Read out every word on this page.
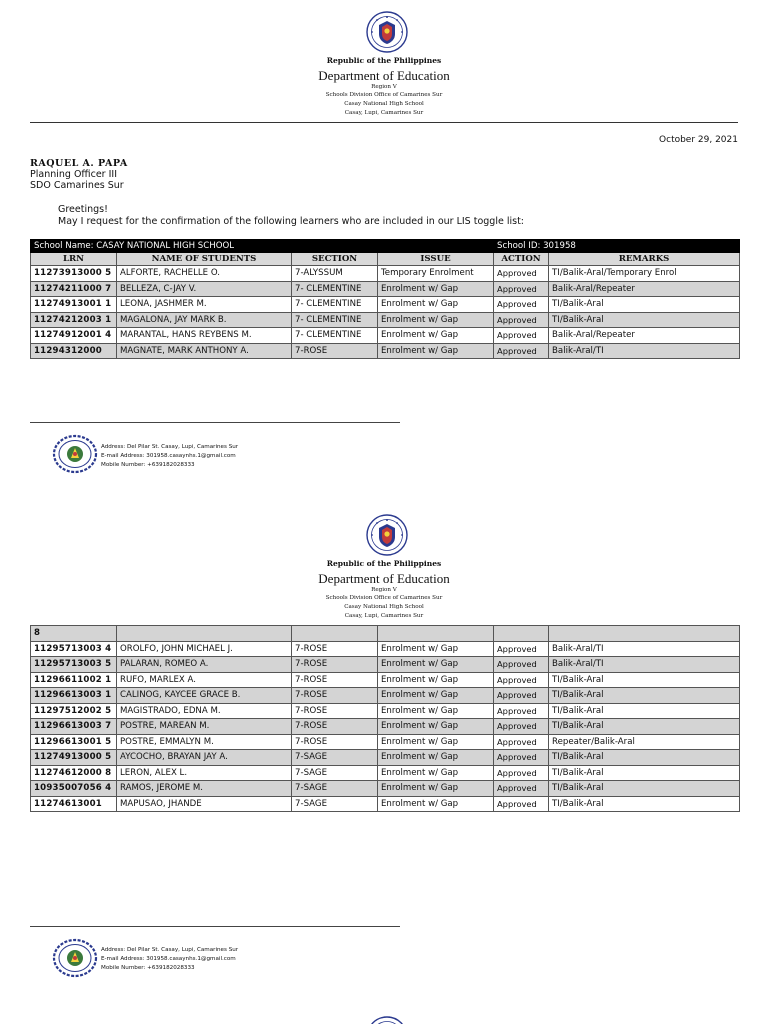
Republic of the Philippines
Department of Education
Region V
Schools Division Office of Camarines Sur
Casay National High School
Casay, Lupi, Camarines Sur
October 29, 2021
RAQUEL A. PAPA
Planning Officer III
SDO Camarines Sur
Greetings!
May I request for the confirmation of the following learners who are included in our LIS toggle list:
School Name: CASAY NATIONAL HIGH SCHOOL				School ID: 301958	
LRN	NAME OF STUDENTS	SECTION	ISSUE	ACTION	REMARKS
11273913000 5	ALFORTE, RACHELLE O.	7-ALYSSUM	Temporary Enrolment	Approved	TI/Balik-Aral/Temporary Enrol
11274211000 7	BELLEZA, C-JAY V.	7- CLEMENTINE	Enrolment w/ Gap	Approved	Balik-Aral/Repeater
11274913001 1	LEONA, JASHMER M.	7- CLEMENTINE	Enrolment w/ Gap	Approved	TI/Balik-Aral
11274212003 1	MAGALONA, JAY MARK B.	7- CLEMENTINE	Enrolment w/ Gap	Approved	TI/Balik-Aral
11274912001 4	MARANTAL, HANS REYBENS M.	7- CLEMENTINE	Enrolment w/ Gap	Approved	Balik-Aral/Repeater
11294312000	MAGNATE, MARK ANTHONY A.	7-ROSE	Enrolment w/ Gap	Approved	Balik-Aral/TI
Address: Del Pilar St. Casay, Lupi, Camarines Sur
E-mail Address: 301958.casaynhs.1@gmail.com
Mobile Number: +639182028333
Republic of the Philippines
Department of Education
Region V
Schools Division Office of Camarines Sur
Casay National High School
Casay, Lupi, Camarines Sur
8					
11295713003 4	OROLFO, JOHN MICHAEL J.	7-ROSE	Enrolment w/ Gap	Approved	Balik-Aral/TI
11295713003 5	PALARAN, ROMEO A.	7-ROSE	Enrolment w/ Gap	Approved	Balik-Aral/TI
11296611002 1	RUFO, MARLEX A.	7-ROSE	Enrolment w/ Gap	Approved	TI/Balik-Aral
11296613003 1	CALINOG, KAYCEE GRACE B.	7-ROSE	Enrolment w/ Gap	Approved	TI/Balik-Aral
11297512002 5	MAGISTRADO, EDNA M.	7-ROSE	Enrolment w/ Gap	Approved	TI/Balik-Aral
11296613003 7	POSTRE, MAREAN M.	7-ROSE	Enrolment w/ Gap	Approved	TI/Balik-Aral
11296613001 5	POSTRE, EMMALYN M.	7-ROSE	Enrolment w/ Gap	Approved	Repeater/Balik-Aral
11274913000 5	AYCOCHO, BRAYAN JAY A.	7-SAGE	Enrolment w/ Gap	Approved	TI/Balik-Aral
11274612000 8	LERON, ALEX L.	7-SAGE	Enrolment w/ Gap	Approved	TI/Balik-Aral
10935007056 4	RAMOS, JEROME M.	7-SAGE	Enrolment w/ Gap	Approved	TI/Balik-Aral
11274613001	MAPUSAO, JHANDE	7-SAGE	Enrolment w/ Gap	Approved	TI/Balik-Aral
Address: Del Pilar St. Casay, Lupi, Camarines Sur
E-mail Address: 301958.casaynhs.1@gmail.com
Mobile Number: +639182028333
